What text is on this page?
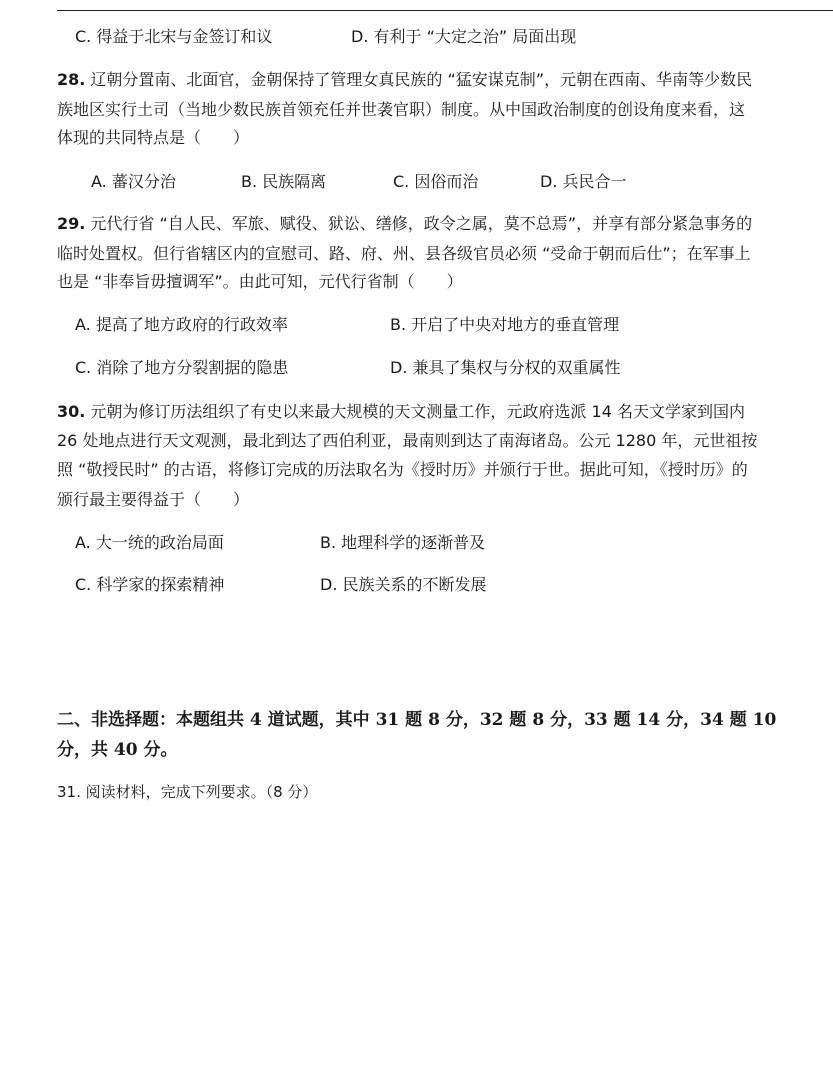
C. 得益于北宋与金签订和议	D. 有利于 “大定之治” 局面出现
28. 辽朝分置南、北面官，金朝保持了管理女真民族的 “猛安谋克制”，元朝在西南、华南等少数民
族地区实行土司（当地少数民族首领充任并世袭官职）制度。从中国政治制度的创设角度来看，这
体现的共同特点是（　　）
A. 蕃汉分治	B. 民族隔离	C. 因俗而治	D. 兵民合一
29. 元代行省 “自人民、军旅、赋役、狱讼、缮修，政令之属，莫不总焉”，并享有部分紧急事务的
临时处置权。但行省辖区内的宣慰司、路、府、州、县各级官员必须 “受命于朝而后仕”；在军事上
也是 “非奉旨毋擅调军”。由此可知，元代行省制（　　）
A. 提高了地方政府的行政效率	B. 开启了中央对地方的垂直管理
C. 消除了地方分裂割据的隐患	D. 兼具了集权与分权的双重属性
30. 元朝为修订历法组织了有史以来最大规模的天文测量工作，元政府选派 14 名天文学家到国内
26 处地点进行天文观测，最北到达了西伯利亚，最南则到达了南海诸岛。公元 1280 年，元世祖按
照 “敬授民时” 的古语，将修订完成的历法取名为《授时历》并颁行于世。据此可知，《授时历》的
颁行最主要得益于（　　）
A. 大一统的政治局面	B. 地理科学的逐渐普及
C. 科学家的探索精神	D. 民族关系的不断发展
二、非选择题：本题组共 4 道试题，其中 31 题 8 分，32 题 8 分，33 题 14 分，34 题 10
分，共 40 分。
31. 阅读材料，完成下列要求。（8 分）
